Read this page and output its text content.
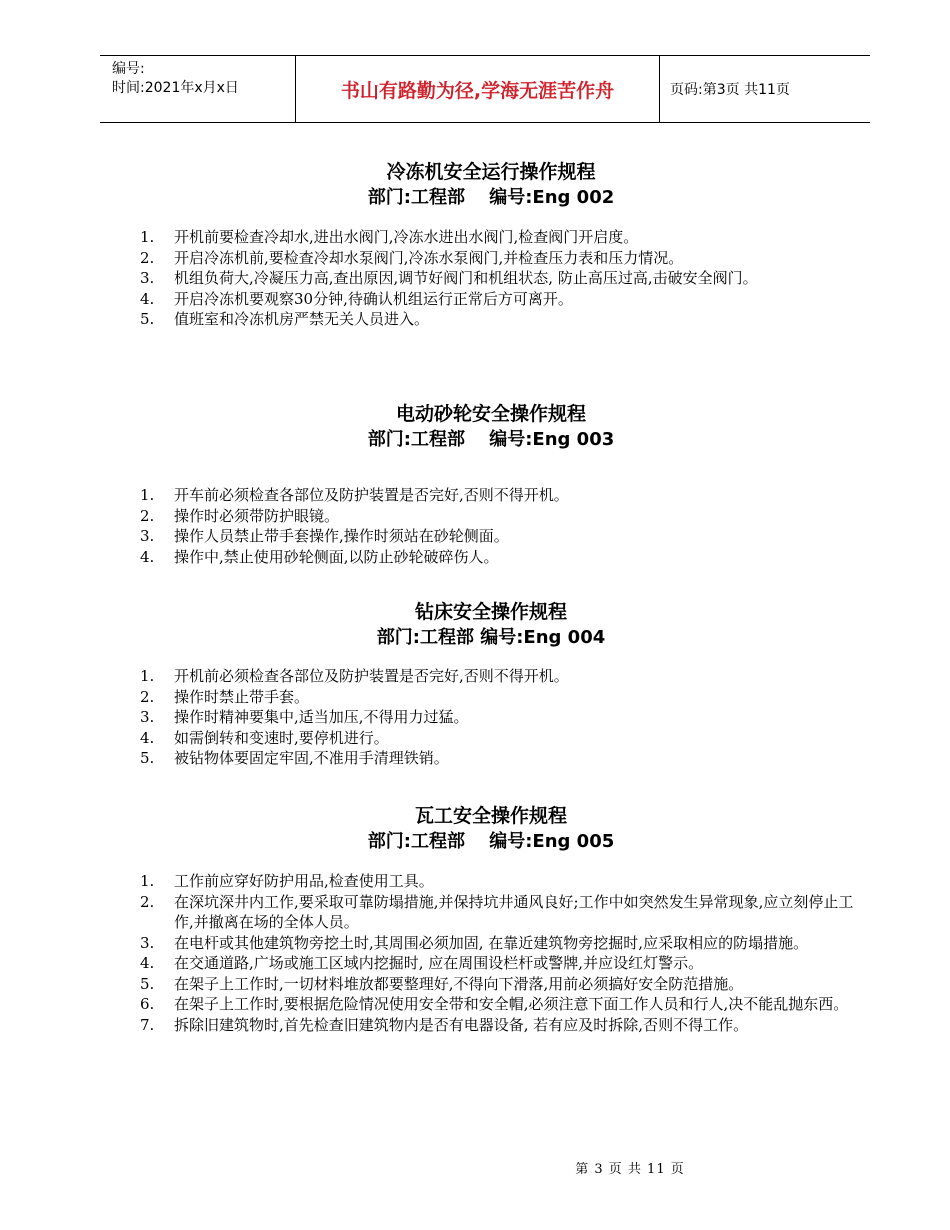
编号:
时间:2021年x月x日	书山有路勤为径,学海无涯苦作舟	页码:第3页 共11页
冷冻机安全运行操作规程
部门:工程部　 编号:Eng 002
1.	开机前要检查冷却水,进出水阀门,冷冻水进出水阀门,检查阀门开启度。
2.	开启冷冻机前,要检查冷却水泵阀门,冷冻水泵阀门,并检查压力表和压力情况。
3.	机组负荷大,冷凝压力高,查出原因,调节好阀门和机组状态, 防止高压过高,击破安全阀门。
4.	开启冷冻机要观察30分钟,待确认机组运行正常后方可离开。
5.	值班室和冷冻机房严禁无关人员进入。
电动砂轮安全操作规程
部门:工程部　 编号:Eng 003
1.	开车前必须检查各部位及防护装置是否完好,否则不得开机。
2.	操作时必须带防护眼镜。
3.	操作人员禁止带手套操作,操作时须站在砂轮侧面。
4.	操作中,禁止使用砂轮侧面,以防止砂轮破碎伤人。
钻床安全操作规程
部门:工程部 编号:Eng 004
1.	开机前必须检查各部位及防护装置是否完好,否则不得开机。
2.	操作时禁止带手套。
3.	操作时精神要集中,适当加压,不得用力过猛。
4.	如需倒转和变速时,要停机进行。
5.	被钻物体要固定牢固,不准用手清理铁销。
瓦工安全操作规程
部门:工程部　 编号:Eng 005
1.	工作前应穿好防护用品,检查使用工具。
2.	在深坑深井内工作,要采取可靠防塌措施,并保持坑井通风良好;工作中如突然发生异常现象,应立刻停止工作,并撤离在场的全体人员。
3.	在电杆或其他建筑物旁挖土时,其周围必须加固, 在靠近建筑物旁挖掘时,应采取相应的防塌措施。
4.	在交通道路,广场或施工区域内挖掘时, 应在周围设栏杆或警牌,并应设红灯警示。
5.	在架子上工作时,一切材料堆放都要整理好,不得向下滑落,用前必须搞好安全防范措施。
6.	在架子上工作时,要根据危险情况使用安全带和安全帽,必须注意下面工作人员和行人,决不能乱抛东西。
7.	拆除旧建筑物时,首先检查旧建筑物内是否有电器设备, 若有应及时拆除,否则不得工作。
第 3 页 共 11 页
